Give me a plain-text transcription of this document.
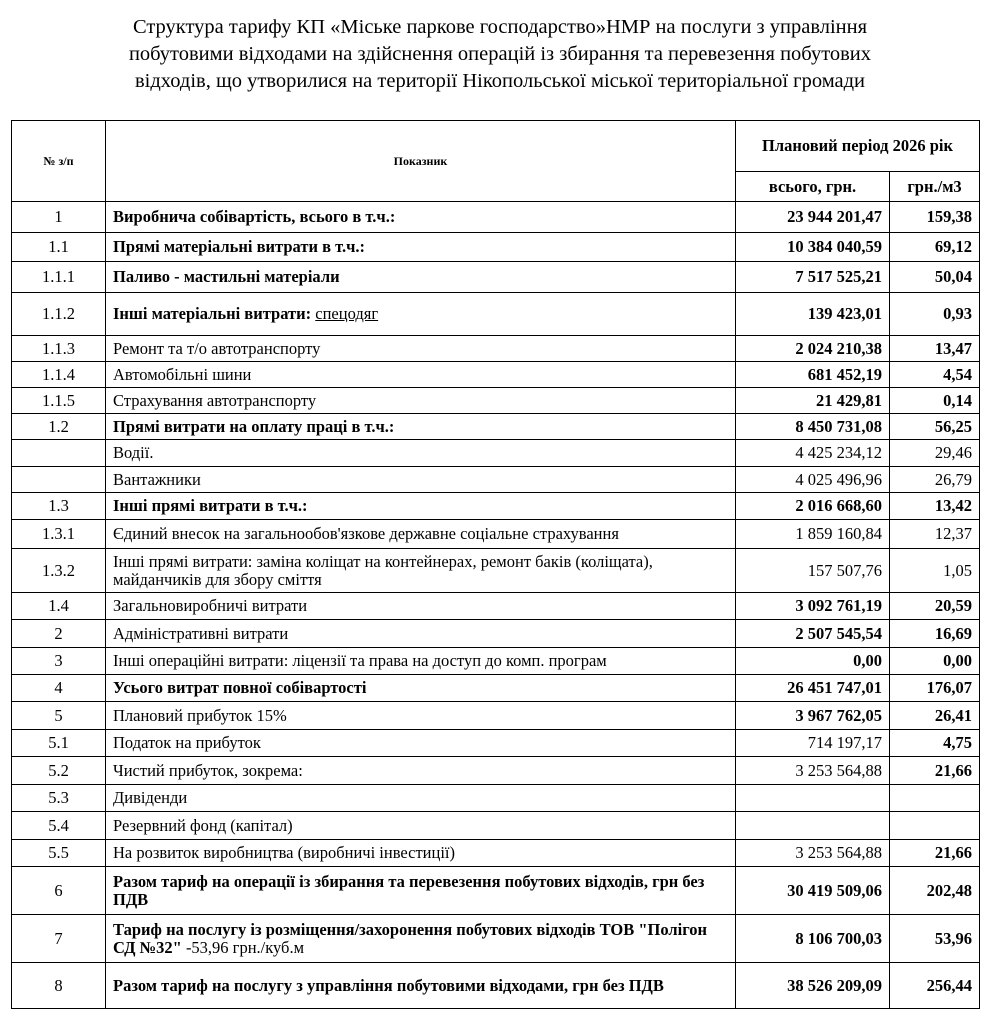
Структура тарифу КП «Міське паркове господарство»НМР на послуги з управління
побутовими відходами на здійснення операцій із збирання та перевезення побутових
відходів, що утворилися на території Нікопольської міської територіальної громади
№ з/п	Показник	Плановий період 2026 рік	
		всього, грн.	грн./м3
1	Виробнича собівартість, всього в т.ч.:	23 944 201,47	159,38
1.1	Прямі матеріальні витрати в т.ч.:	10 384 040,59	69,12
1.1.1	Паливо - мастильні матеріали	7 517 525,21	50,04
1.1.2	Інші матеріальні витрати: спецодяг	139 423,01	0,93
1.1.3	Ремонт та т/о автотранспорту	2 024 210,38	13,47
1.1.4	Автомобільні шини	681 452,19	4,54
1.1.5	Страхування автотранспорту	21 429,81	0,14
1.2	Прямі витрати на оплату праці в т.ч.:	8 450 731,08	56,25
	Водії.	4 425 234,12	29,46
	Вантажники	4 025 496,96	26,79
1.3	Інші прямі витрати в т.ч.:	2 016 668,60	13,42
1.3.1	Єдиний внесок на загальнообов'язкове державне соціальне страхування	1 859 160,84	12,37
1.3.2	Інші прямі витрати: заміна коліщат на контейнерах, ремонт баків (коліщата), майданчиків для збору сміття	157 507,76	1,05
1.4	Загальновиробничі витрати	3 092 761,19	20,59
2	Адміністративні витрати	2 507 545,54	16,69
3	Інші операційні витрати: ліцензії та права на доступ до комп. програм	0,00	0,00
4	Усього витрат повної собівартості	26 451 747,01	176,07
5	Плановий прибуток 15%	3 967 762,05	26,41
5.1	Податок на прибуток	714 197,17	4,75
5.2	Чистий прибуток, зокрема:	3 253 564,88	21,66
5.3	Дивіденди		
5.4	Резервний фонд (капітал)		
5.5	На розвиток виробництва (виробничі інвестиції)	3 253 564,88	21,66
6	Разом тариф на операції із збирання та перевезення побутових відходів, грн без ПДВ	30 419 509,06	202,48
7	Тариф на послугу із розміщення/захоронення побутових відходів ТОВ "Полігон СД №32" -53,96 грн./куб.м	8 106 700,03	53,96
8	Разом тариф на послугу з управління побутовими відходами, грн без ПДВ	38 526 209,09	256,44
